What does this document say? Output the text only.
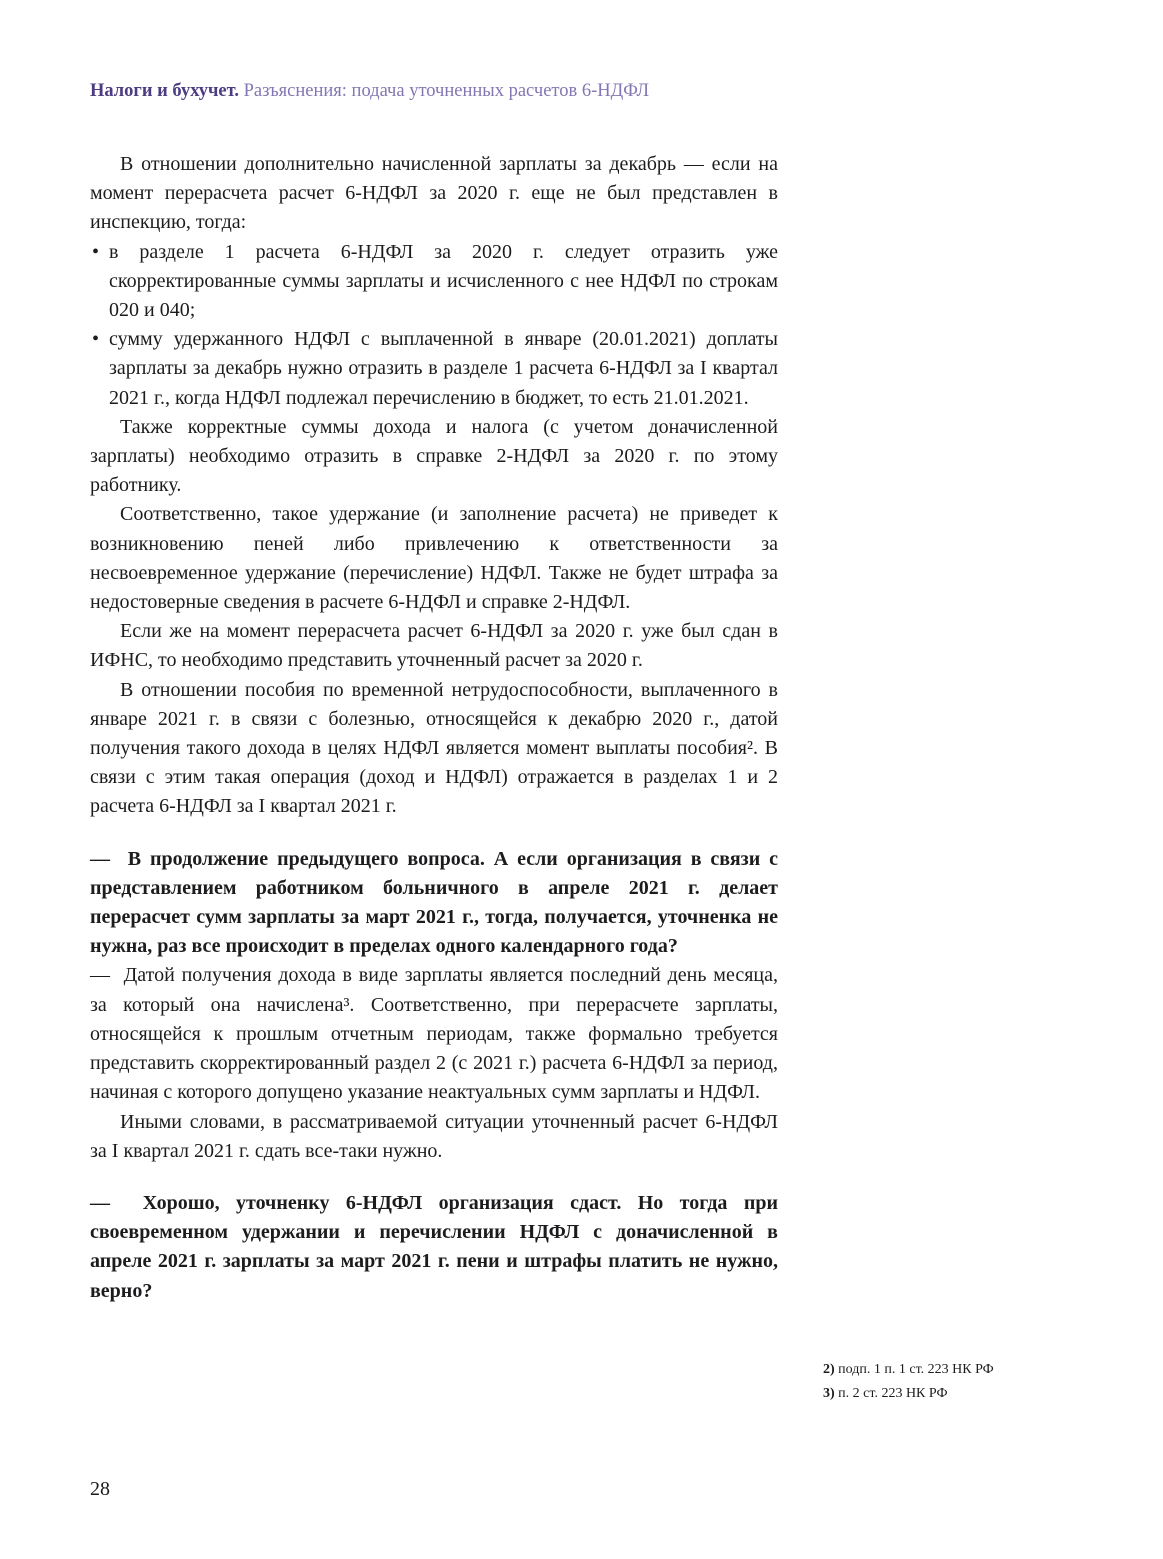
Налоги и бухучет. Разъяснения: подача уточненных расчетов 6-НДФЛ

В отношении дополнительно начисленной зарплаты за декабрь — если на момент перерасчета расчет 6-НДФЛ за 2020 г. еще не был представлен в инспекцию, тогда:

• в разделе 1 расчета 6-НДФЛ за 2020 г. следует отразить уже скорректированные суммы зарплаты и исчисленного с нее НДФЛ по строкам 020 и 040;

• сумму удержанного НДФЛ с выплаченной в январе (20.01.2021) доплаты зарплаты за декабрь нужно отразить в разделе 1 расчета 6-НДФЛ за I квартал 2021 г., когда НДФЛ подлежал перечислению в бюджет, то есть 21.01.2021.

Также корректные суммы дохода и налога (с учетом доначисленной зарплаты) необходимо отразить в справке 2-НДФЛ за 2020 г. по этому работнику.

Соответственно, такое удержание (и заполнение расчета) не приведет к возникновению пеней либо привлечению к ответственности за несвоевременное удержание (перечисление) НДФЛ. Также не будет штрафа за недостоверные сведения в расчете 6-НДФЛ и справке 2-НДФЛ.

Если же на момент перерасчета расчет 6-НДФЛ за 2020 г. уже был сдан в ИФНС, то необходимо представить уточненный расчет за 2020 г.

В отношении пособия по временной нетрудоспособности, выплаченного в январе 2021 г. в связи с болезнью, относящейся к декабрю 2020 г., датой получения такого дохода в целях НДФЛ является момент выплаты пособия². В связи с этим такая операция (доход и НДФЛ) отражается в разделах 1 и 2 расчета 6-НДФЛ за I квартал 2021 г.

—  В продолжение предыдущего вопроса. А если организация в связи с представлением работником больничного в апреле 2021 г. делает перерасчет сумм зарплаты за март 2021 г., тогда, получается, уточненка не нужна, раз все происходит в пределах одного календарного года?

—  Датой получения дохода в виде зарплаты является последний день месяца, за который она начислена³. Соответственно, при перерасчете зарплаты, относящейся к прошлым отчетным периодам, также формально требуется представить скорректированный раздел 2 (с 2021 г.) расчета 6-НДФЛ за период, начиная с которого допущено указание неактуальных сумм зарплаты и НДФЛ.

Иными словами, в рассматриваемой ситуации уточненный расчет 6-НДФЛ за I квартал 2021 г. сдать все-таки нужно.

—  Хорошо, уточненку 6-НДФЛ организация сдаст. Но тогда при своевременном удержании и перечислении НДФЛ с доначисленной в апреле 2021 г. зарплаты за март 2021 г. пени и штрафы платить не нужно, верно?

2) подп. 1 п. 1 ст. 223 НК РФ
3) п. 2 ст. 223 НК РФ
28
